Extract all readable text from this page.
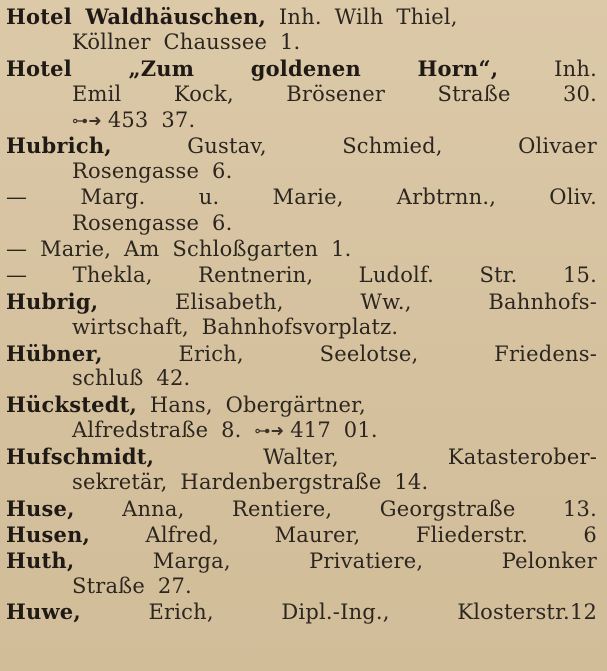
Hotel Waldhäuschen, Inh. Wilh Thiel,
Köllner Chaussee 1.
Hotel „Zum goldenen Horn“, Inh.
Emil Kock, Brösener Straße 30.
⊶➜ 453 37.
Hubrich, Gustav, Schmied, Olivaer
Rosengasse 6.
— Marg. u. Marie, Arbtrnn., Oliv.
Rosengasse 6.
— Marie, Am Schloßgarten 1.
— Thekla, Rentnerin, Ludolf. Str. 15.
Hubrig, Elisabeth, Ww., Bahnhofs-
wirtschaft, Bahnhofsvorplatz.
Hübner, Erich, Seelotse, Friedens-
schluß 42.
Hückstedt, Hans, Obergärtner,
Alfredstraße 8. ⊶➜ 417 01.
Hufschmidt, Walter, Katasterober-
sekretär, Hardenbergstraße 14.
Huse, Anna, Rentiere, Georgstraße 13.
Husen, Alfred, Maurer, Fliederstr. 6
Huth, Marga, Privatiere, Pelonker
Straße 27.
Huwe, Erich, Dipl.-Ing., Klosterstr.12
